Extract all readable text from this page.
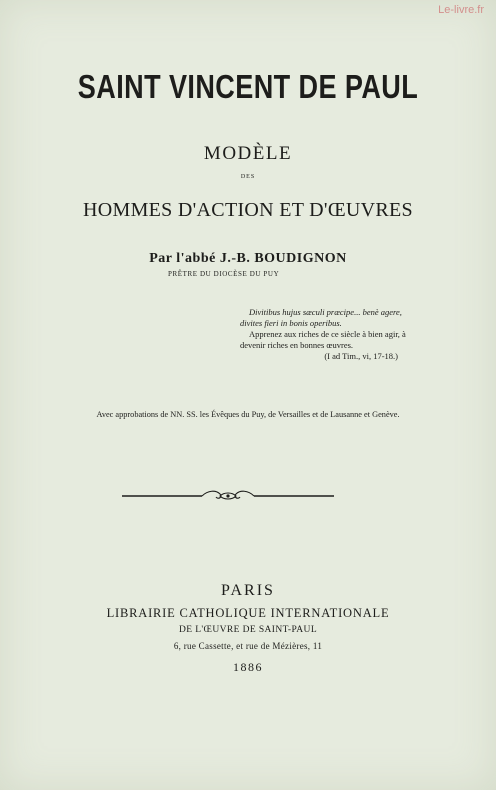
Le-livre.fr
SAINT VINCENT DE PAUL
MODÈLE
DES
HOMMES D'ACTION ET D'ŒUVRES
Par l'abbé J.-B. BOUDIGNON
PRÊTRE DU DIOCÈSE DU PUY
Divitibus hujus sæculi præcipe... benè agere, divites fieri in bonis operibus.
Apprenez aux riches de ce siècle à bien agir, à devenir riches en bonnes œuvres.
(I ad Tim., vi, 17-18.)
Avec approbations de NN. SS. les Évêques du Puy, de Versailles et de Lausanne et Genève.
PARIS
LIBRAIRIE CATHOLIQUE INTERNATIONALE
DE L'ŒUVRE DE SAINT-PAUL
6, rue Cassette, et rue de Mézières, 11
1886
